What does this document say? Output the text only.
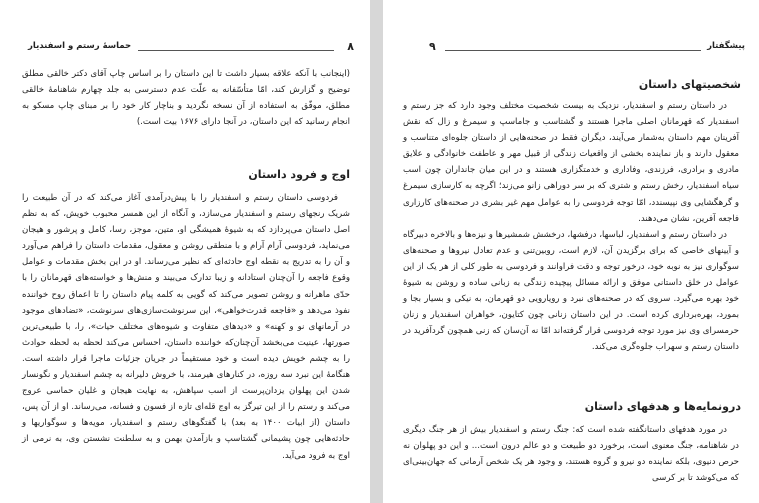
۸
حماسهٔ رستم و اسفندیار

(اینجانب با آنکه علاقه بسیار داشت تا این داستان را بر اساس چاپ آقای دکتر خالقی مطلق توضیح و گزارش کند، امّا متأسّفانه به علّت عدم دسترسی به جلد چهارم شاهنامهٔ خالقی مطلق، موفّق به استفاده از آن نسخه نگردید و بناچار کار خود را بر مبنای چاپ مسکو به انجام رسانید که این داستان، در آنجا دارای ۱۶۷۶ بیت است.)

اوج و فرود داستان

فردوسی داستان رستم و اسفندیار را با پیش‌درآمدی آغاز می‌کند که در آن طبیعت را شریک رنجهای رستم و اسفندیار می‌سازد، و آنگاه از این همسر محبوب خویش، که به نظم اصل داستان می‌پردازد که به شیوهٔ همیشگی او، متین، موجز، رسا، کامل و پرشور و هیجان می‌نماید، فردوسی آرام آرام و با منطقی روشن و معقول، مقدمات داستان را فراهم می‌آورد و آن را به تدریج به نقطه اوج حادثه‌ای که‌ نظیر می‌رساند. او در این بخش مقدمات و عوامل وقوع فاجعه را آن‌چنان استادانه و زیبا تدارک می‌بیند و منش‌ها و خواسته‌های قهرمانان را با حدّی ماهرانه و روشن تصویر می‌کند که گویی به کلمه پیام داستان را تا اعماق روح خواننده نفوذ می‌دهد و «فاجعه قدرت‌خواهی»، این سرنوشت‌سازی‌های سرنوشت، «تضادهای موجود در آرمانهای نو و کهنه» و «دیدهای متفاوت و شیوه‌های مختلف حیات»، را، با طبیعی‌ترین صورتها، عینیت می‌بخشد آن‌چنان‌که خواننده داستان، احساس می‌کند لحظه به لحظه حوادث را به چشم خویش دیده است و خود مستقیماً در جریان جزئیات ماجرا قرار داشته است. هنگامهٔ این نبرد سه روزه، در کنارهای هیرمند، با خروش دلیرانه به چشم اسفندیار و نگونسار شدن این پهلوان یزدان‌پرست از اسب سپاهش، به نهایت هیجان و غلیان حماسی عروج می‌کند و رستم را از این تیرگز به اوج قله‌ای تازه از فسون و فسانه، می‌رساند. او از آن پس، داستان (از ابیات ۱۴۰۰ به بعد) با گفتگوهای رستم و اسفندیار، مویه‌ها و سوگواریها و حادثه‌هایی چون پشیمانی گشتاسپ و بازآمدن بهمن و به سلطنت نشستن وی، به نرمی از اوج به فرود می‌آید.

پیشگفتار
۹
شخصیتهای داستان

در داستان رستم و اسفندیار، نزدیک به بیست شخصیت مختلف وجود دارد که جز رستم و اسفندیار که قهرمانان اصلی ماجرا هستند و گشتاسب و جاماسپ و سیمرغ و زال که نقش آفرینان مهم داستان به‌شمار می‌آیند، دیگران فقط در صحنه‌هایی از داستان جلوه‌ای متناسب و معقول دارند و باز نماینده بخشی از واقعیات زندگی از قبیل مهر و عاطفت خانوادگی و علایق مادری و برادری، فرزندی، وفاداری و خدمتگزاری هستند و در این میان جانداران چون اسب سیاه اسفندیار، رخش رستم و شتری که بر سر دوراهی زانو می‌زند؛ اگرچه به کارسازی سیمرغ و گرهگشایی وی نپیسندد، امّا توجه فردوسی را به عوامل مهم غیر بشری در صحنه‌های کارزاری فاجعه آفرین، نشان می‌دهند.

در داستان رستم و اسفندیار، لباسها، درفشها، درخشش شمشیرها و نیزه‌ها و بالاخره دبیرگاه و آیینهای خاصی که برای برگزیدن آن، لازم است، روبین‌تنی و عدم تعادل نیروها و صحنه‌های سوگواری نیز به نوبه خود، درخور توجه و دقت فراوانند و فردوسی به طور کلی از هر یک از این عوامل در خلق داستانی موفق و ارائه مسائل پیچیده زندگی به زبانی ساده و روشن به شیوهٔ خود بهره می‌گیرد. سروی که در صحنه‌های نبرد و رویارویی دو قهرمان، به نیکی و بسیار بجا و بمورد، بهره‌برداری کرده است. در این داستان زنانی چون کتایون، خواهران اسفندیار و زنان حرمسرای وی نیز مورد توجه فردوسی قرار گرفته‌اند امّا نه آن‌سان که زنی همچون گردآفرید در داستان رستم و سهراب جلوه‌گری می‌کند.

درونمایه‌ها و هدفهای داستان

در مورد هدفهای داستانگفته شده است که: جنگ رستم و اسفندیار بیش از هر جنگ دیگری در شاهنامه، جنگ معنوی است، برخورد دو طبیعت و دو عالم درون است... و این دو پهلوان نه حرص دنیوی، بلکه نماینده دو نیرو و گروه هستند، و وجود هر یک شخص آرمانی که جهان‌بینی‌ای که می‌کوشد تا بر کرسی
